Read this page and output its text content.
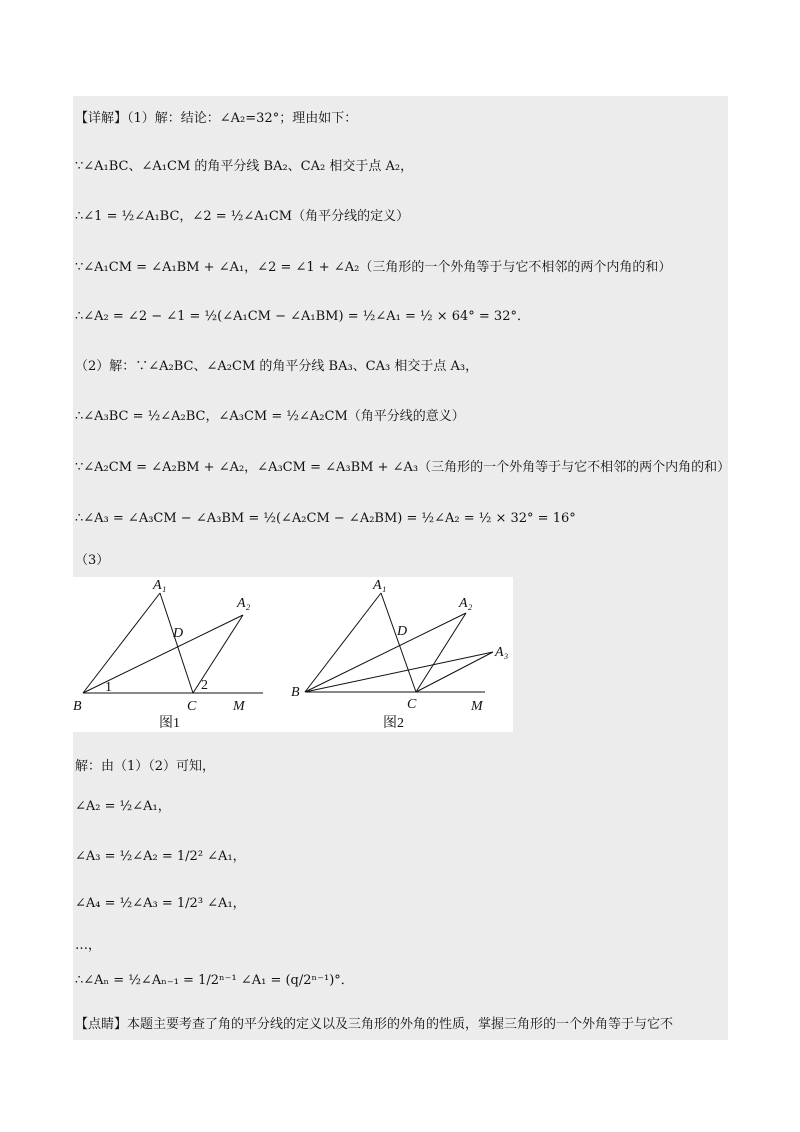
【详解】（1）解：结论：∠A₂=32°；理由如下：
∵∠A₁BC、∠A₁CM 的角平分线 BA₂、CA₂ 相交于点 A₂，
∴∠1 = ½∠A₁BC，∠2 = ½∠A₁CM（角平分线的定义）
∵∠A₁CM = ∠A₁BM + ∠A₁，∠2 = ∠1 + ∠A₂（三角形的一个外角等于与它不相邻的两个内角的和）
∴∠A₂ = ∠2 − ∠1 = ½(∠A₁CM − ∠A₁BM) = ½∠A₁ = ½ × 64° = 32°．
（2）解：∵∠A₂BC、∠A₂CM 的角平分线 BA₃、CA₃ 相交于点 A₃，
∴∠A₃BC = ½∠A₂BC，∠A₃CM = ½∠A₂CM（角平分线的意义）
∵∠A₂CM = ∠A₂BM + ∠A₂，∠A₃CM = ∠A₃BM + ∠A₃（三角形的一个外角等于与它不相邻的两个内角的和）
∴∠A₃ = ∠A₃CM − ∠A₃BM = ½(∠A₂CM − ∠A₂BM) = ½∠A₂ = ½ × 32° = 16°
（3）
A₁
A₂
D
B	C	M
1	2
图1
A₁
A₂
A₃
D
B
C	M
图2
解：由（1）（2）可知，
∠A₂ = ½∠A₁，
∠A₃ = ½∠A₂ = 1/2² ∠A₁，
∠A₄ = ½∠A₃ = 1/2³ ∠A₁，
…，
∴∠Aₙ = ½∠Aₙ₋₁ = 1/2ⁿ⁻¹ ∠A₁ = (q/2ⁿ⁻¹)°．
【点睛】本题主要考查了角的平分线的定义以及三角形的外角的性质，掌握三角形的一个外角等于与它不
